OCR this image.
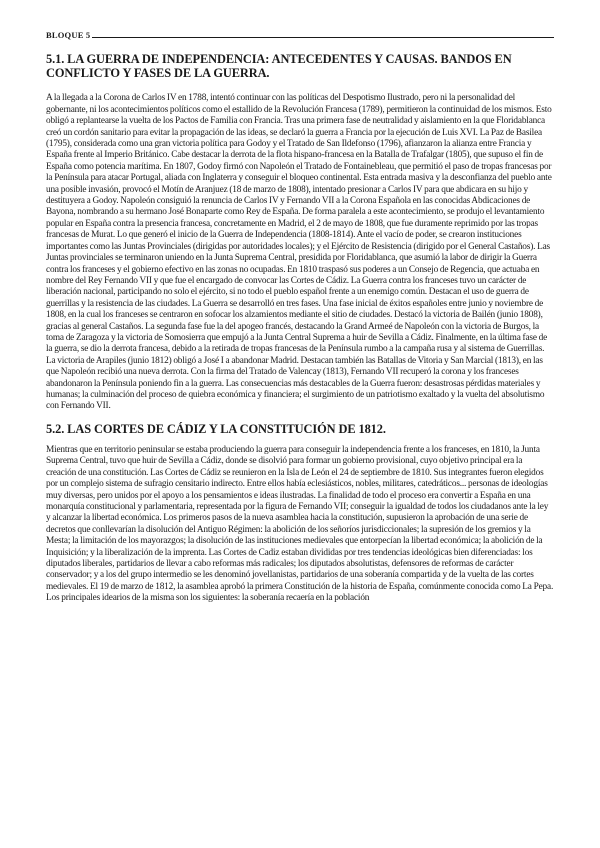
BLOQUE 5
5.1. LA GUERRA DE INDEPENDENCIA: ANTECEDENTES Y CAUSAS. BANDOS EN CONFLICTO Y FASES DE LA GUERRA.

A la llegada a la Corona de Carlos IV en 1788, intentó continuar con las políticas del Despotismo Ilustrado, pero ni la personalidad del gobernante, ni los acontecimientos políticos como el estallido de la Revolución Francesa (1789), permitieron la continuidad de los mismos. Esto obligó a replantearse la vuelta de los Pactos de Familia con Francia. Tras una primera fase de neutralidad y aislamiento en la que Floridablanca creó un cordón sanitario para evitar la propagación de las ideas, se declaró la guerra a Francia por la ejecución de Luis XVI. La Paz de Basilea (1795), considerada como una gran victoria política para Godoy y el Tratado de San Ildefonso (1796), afianzaron la alianza entre Francia y España frente al Imperio Británico. Cabe destacar la derrota de la flota hispano-francesa en la Batalla de Trafalgar (1805), que supuso el fin de España como potencia marítima. En 1807, Godoy firmó con Napoleón el Tratado de Fontainebleau, que permitió el paso de tropas francesas por la Península para atacar Portugal, aliada con Inglaterra y conseguir el bloqueo continental. Esta entrada masiva y la desconfianza del pueblo ante una posible invasión, provocó el Motín de Aranjuez (18 de marzo de 1808), intentado presionar a Carlos IV para que abdicara en su hijo y destituyera a Godoy. Napoleón consiguió la renuncia de Carlos IV y Fernando VII a la Corona Española en las conocidas Abdicaciones de Bayona, nombrando a su hermano José Bonaparte como Rey de España. De forma paralela a este acontecimiento, se produjo el levantamiento popular en España contra la presencia francesa, concretamente en Madrid, el 2 de mayo de 1808, que fue duramente reprimido por las tropas francesas de Murat. Lo que generó el inicio de la Guerra de Independencia (1808-1814). Ante el vacío de poder, se crearon instituciones importantes como las Juntas Provinciales (dirigidas por autoridades locales); y el Ejército de Resistencia (dirigido por el General Castaños). Las Juntas provinciales se terminaron uniendo en la Junta Suprema Central, presidida por Floridablanca, que asumió la labor de dirigir la Guerra contra los franceses y el gobierno efectivo en las zonas no ocupadas. En 1810 traspasó sus poderes a un Consejo de Regencia, que actuaba en nombre del Rey Fernando VII y que fue el encargado de convocar las Cortes de Cádiz. La Guerra contra los franceses tuvo un carácter de liberación nacional, participando no solo el ejército, si no todo el pueblo español frente a un enemigo común. Destacan el uso de guerra de guerrillas y la resistencia de las ciudades. La Guerra se desarrolló en tres fases. Una fase inicial de éxitos españoles entre junio y noviembre de 1808, en la cual los franceses se centraron en sofocar los alzamientos mediante el sitio de ciudades. Destacó la victoria de Bailén (junio 1808), gracias al general Castaños. La segunda fase fue la del apogeo francés, destacando la Grand Armeé de Napoleón con la victoria de Burgos, la toma de Zaragoza y la victoria de Somosierra que empujó a la Junta Central Suprema a huir de Sevilla a Cádiz. Finalmente, en la última fase de la guerra, se dio la derrota francesa, debido a la retirada de tropas francesas de la Península rumbo a la campaña rusa y al sistema de Guerrillas. La victoria de Arapiles (junio 1812) obligó a José I a abandonar Madrid. Destacan también las Batallas de Vitoria y San Marcial (1813), en las que Napoleón recibió una nueva derrota. Con la firma del Tratado de Valencay (1813), Fernando VII recuperó la corona y los franceses abandonaron la Península poniendo fin a la guerra. Las consecuencias más destacables de la Guerra fueron: desastrosas pérdidas materiales y humanas; la culminación del proceso de quiebra económica y financiera; el surgimiento de un patriotismo exaltado y la vuelta del absolutismo con Fernando VII.

5.2. LAS CORTES DE CÁDIZ Y LA CONSTITUCIÓN DE 1812.

Mientras que en territorio peninsular se estaba produciendo la guerra para conseguir la independencia frente a los franceses, en 1810, la Junta Suprema Central, tuvo que huir de Sevilla a Cádiz, donde se disolvió para formar un gobierno provisional, cuyo objetivo principal era la creación de una constitución. Las Cortes de Cádiz se reunieron en la Isla de León el 24 de septiembre de 1810. Sus integrantes fueron elegidos por un complejo sistema de sufragio censitario indirecto. Entre ellos había eclesiásticos, nobles, militares, catedráticos... personas de ideologías muy diversas, pero unidos por el apoyo a los pensamientos e ideas ilustradas. La finalidad de todo el proceso era convertir a España en una monarquía constitucional y parlamentaria, representada por la figura de Fernando VII; conseguir la igualdad de todos los ciudadanos ante la ley y alcanzar la libertad económica. Los primeros pasos de la nueva asamblea hacia la constitución, supusieron la aprobación de una serie de decretos que conllevarían la disolución del Antiguo Régimen: la abolición de los señoríos jurisdiccionales; la supresión de los gremios y la Mesta; la limitación de los mayorazgos; la disolución de las instituciones medievales que entorpecían la libertad económica; la abolición de la Inquisición; y la liberalización de la imprenta. Las Cortes de Cadiz estaban divididas por tres tendencias ideológicas bien diferenciadas: los diputados liberales, partidarios de llevar a cabo reformas más radicales; los diputados absolutistas, defensores de reformas de carácter conservador; y a los del grupo intermedio se les denominó jovellanistas, partidarios de una soberanía compartida y de la vuelta de las cortes medievales. El 19 de marzo de 1812, la asamblea aprobó la primera Constitución de la historia de España, comúnmente conocida como La Pepa. Los principales idearios de la misma son los siguientes: la soberanía recaería en la población
